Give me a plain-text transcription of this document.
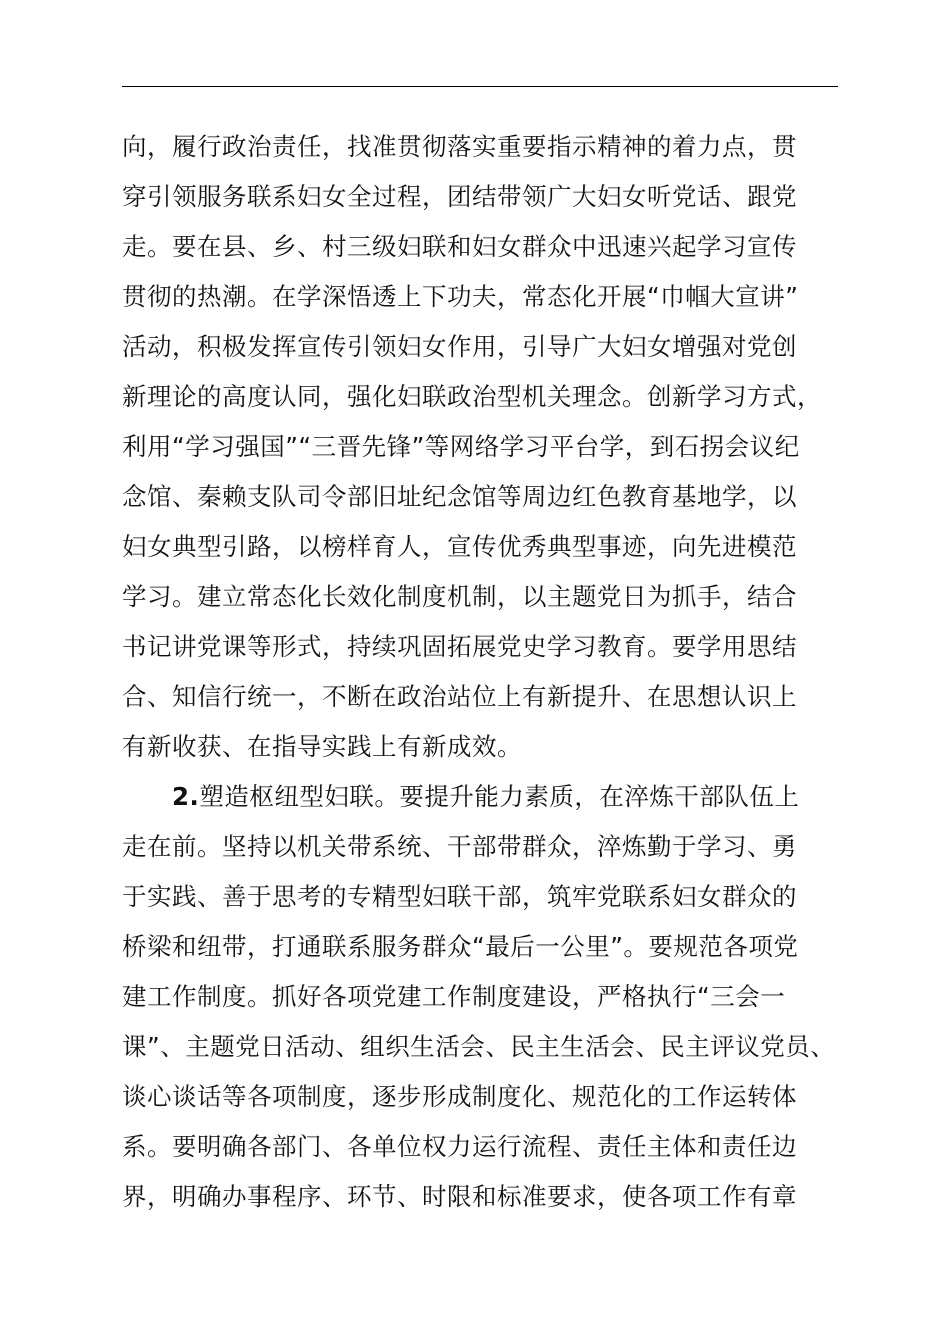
向，履行政治责任，找准贯彻落实重要指示精神的着力点，贯
穿引领服务联系妇女全过程，团结带领广大妇女听党话、跟党
走。要在县、乡、村三级妇联和妇女群众中迅速兴起学习宣传
贯彻的热潮。在学深悟透上下功夫，常态化开展“巾帼大宣讲”
活动，积极发挥宣传引领妇女作用，引导广大妇女增强对党创
新理论的高度认同，强化妇联政治型机关理念。创新学习方式，
利用“学习强国”“三晋先锋”等网络学习平台学，到石拐会议纪
念馆、秦赖支队司令部旧址纪念馆等周边红色教育基地学，以
妇女典型引路，以榜样育人，宣传优秀典型事迹，向先进模范
学习。建立常态化长效化制度机制，以主题党日为抓手，结合
书记讲党课等形式，持续巩固拓展党史学习教育。要学用思结
合、知信行统一，不断在政治站位上有新提升、在思想认识上
有新收获、在指导实践上有新成效。
2.塑造枢纽型妇联。要提升能力素质，在淬炼干部队伍上
走在前。坚持以机关带系统、干部带群众，淬炼勤于学习、勇
于实践、善于思考的专精型妇联干部，筑牢党联系妇女群众的
桥梁和纽带，打通联系服务群众“最后一公里”。要规范各项党
建工作制度。抓好各项党建工作制度建设，严格执行“三会一
课”、主题党日活动、组织生活会、民主生活会、民主评议党员、
谈心谈话等各项制度，逐步形成制度化、规范化的工作运转体
系。要明确各部门、各单位权力运行流程、责任主体和责任边
界，明确办事程序、环节、时限和标准要求，使各项工作有章
